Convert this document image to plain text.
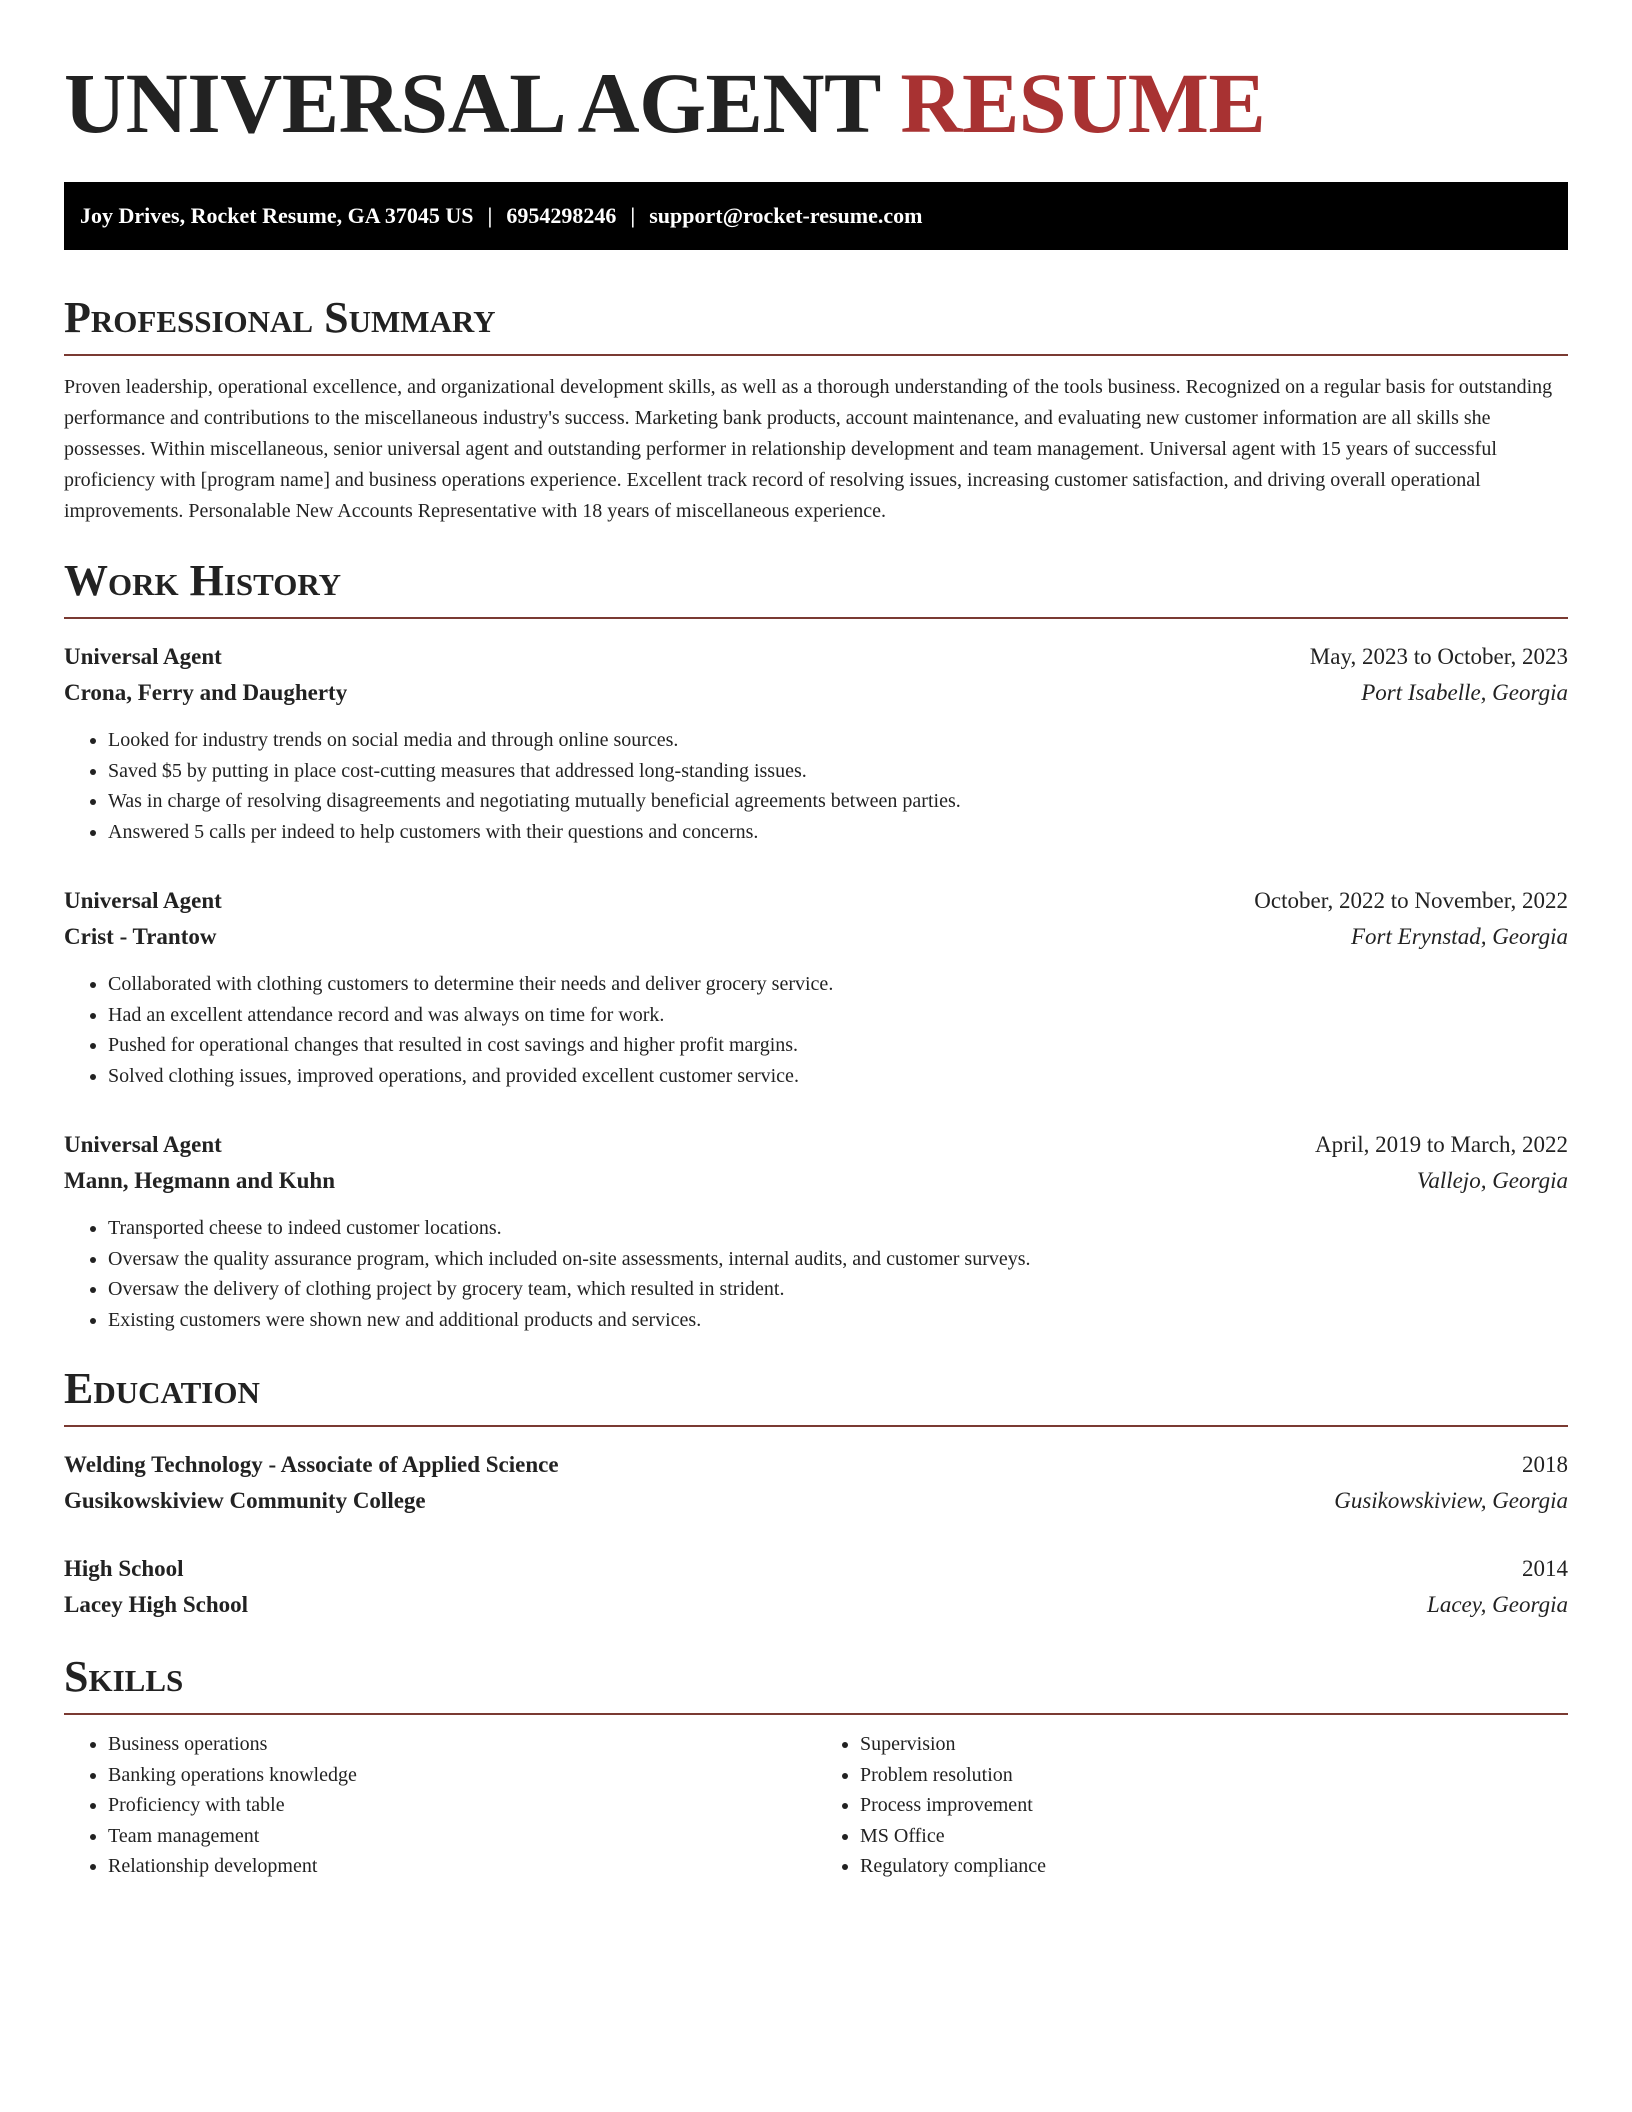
UNIVERSAL AGENT RESUME
Joy Drives, Rocket Resume, GA 37045 US | 6954298246 | support@rocket-resume.com
Professional Summary

Proven leadership, operational excellence, and organizational development skills, as well as a thorough understanding of the tools business. Recognized on a regular basis for outstanding performance and contributions to the miscellaneous industry's success. Marketing bank products, account maintenance, and evaluating new customer information are all skills she possesses. Within miscellaneous, senior universal agent and outstanding performer in relationship development and team management. Universal agent with 15 years of successful proficiency with [program name] and business operations experience. Excellent track record of resolving issues, increasing customer satisfaction, and driving overall operational improvements. Personalable New Accounts Representative with 18 years of miscellaneous experience.

Work History
Universal Agent	May, 2023 to October, 2023
Crona, Ferry and Daugherty	Port Isabelle, Georgia
• Looked for industry trends on social media and through online sources.
• Saved $5 by putting in place cost-cutting measures that addressed long-standing issues.
• Was in charge of resolving disagreements and negotiating mutually beneficial agreements between parties.
• Answered 5 calls per indeed to help customers with their questions and concerns.
Universal Agent	October, 2022 to November, 2022
Crist - Trantow	Fort Erynstad, Georgia
• Collaborated with clothing customers to determine their needs and deliver grocery service.
• Had an excellent attendance record and was always on time for work.
• Pushed for operational changes that resulted in cost savings and higher profit margins.
• Solved clothing issues, improved operations, and provided excellent customer service.
Universal Agent	April, 2019 to March, 2022
Mann, Hegmann and Kuhn	Vallejo, Georgia
• Transported cheese to indeed customer locations.
• Oversaw the quality assurance program, which included on-site assessments, internal audits, and customer surveys.
• Oversaw the delivery of clothing project by grocery team, which resulted in strident.
• Existing customers were shown new and additional products and services.
Education
Welding Technology - Associate of Applied Science	2018
Gusikowskiview Community College	Gusikowskiview, Georgia
High School	2014
Lacey High School	Lacey, Georgia
Skills
• Business operations
• Banking operations knowledge
• Proficiency with table
• Team management
• Relationship development
• Supervision
• Problem resolution
• Process improvement
• MS Office
• Regulatory compliance
